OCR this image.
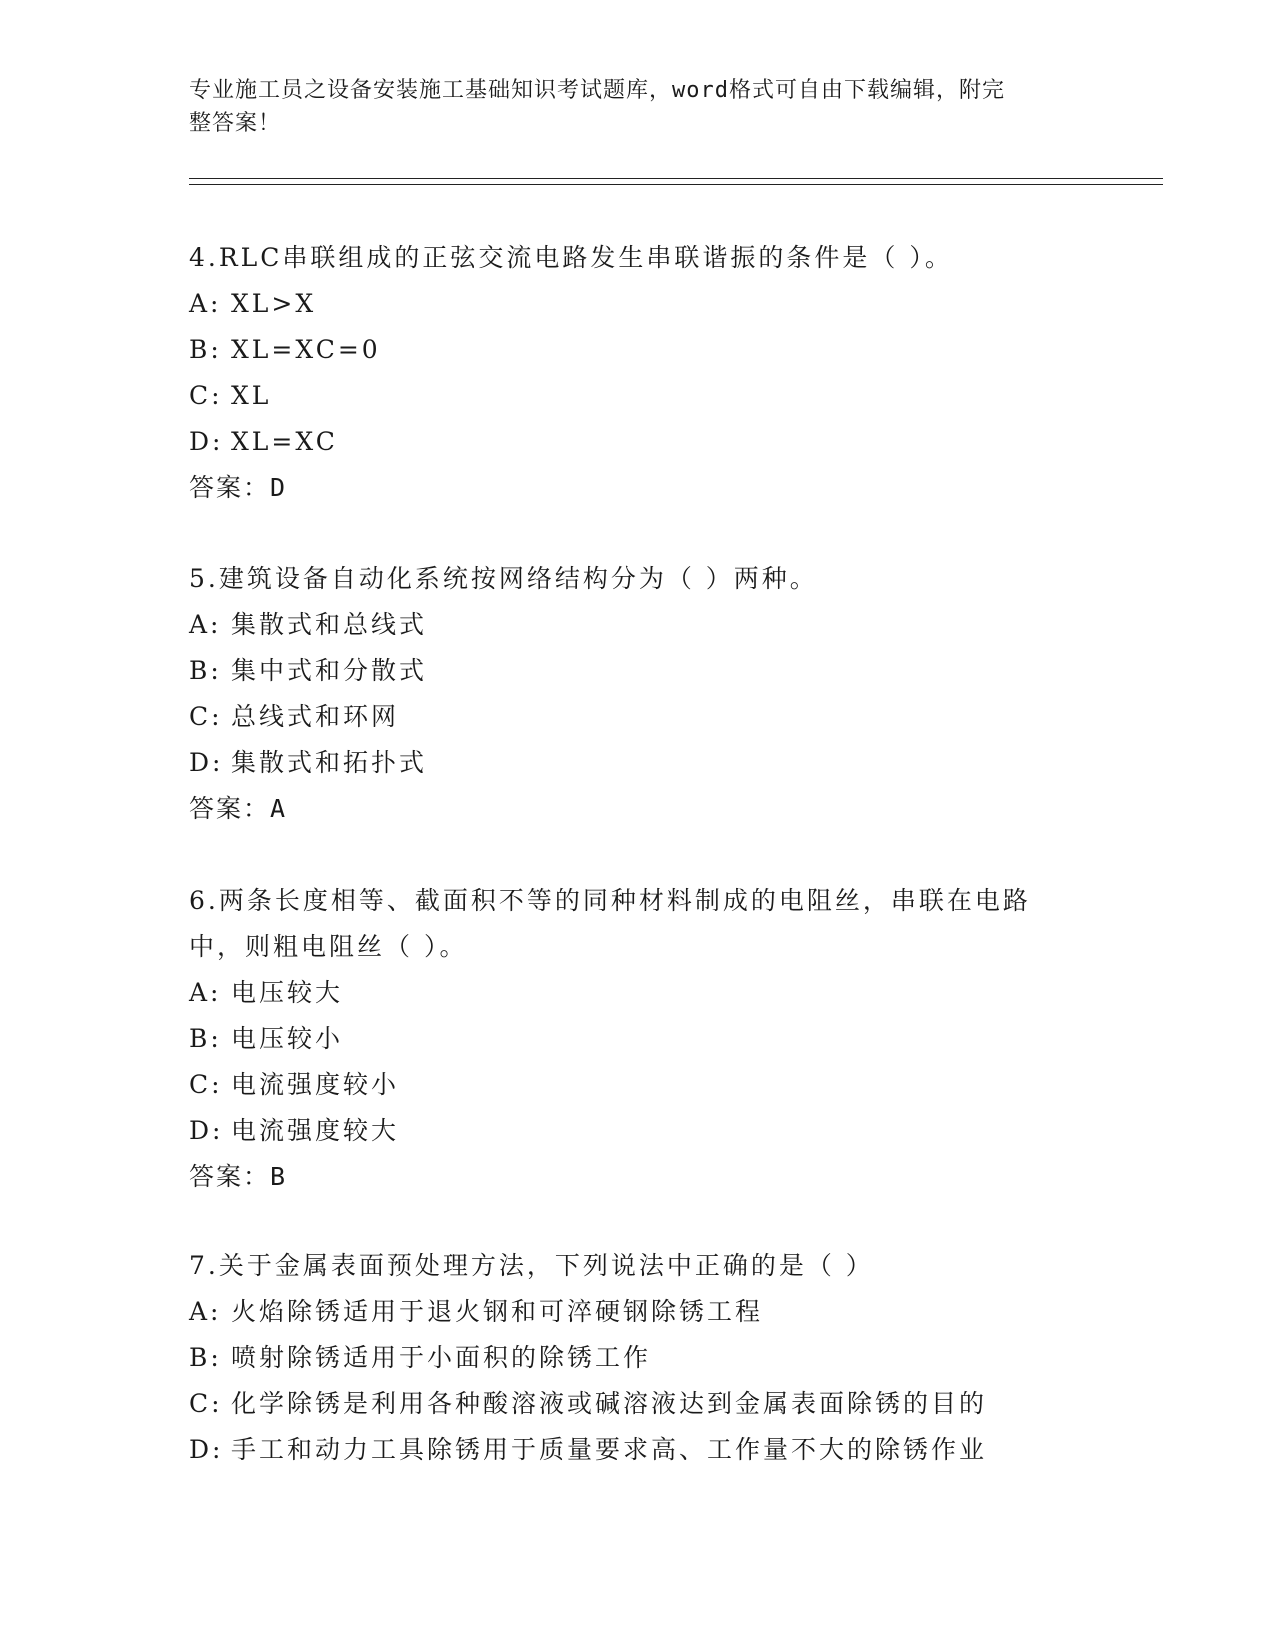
专业施工员之设备安装施工基础知识考试题库，word格式可自由下载编辑，附完
整答案！

4.RLC串联组成的正弦交流电路发生串联谐振的条件是（ ）。

A: XL>X

B: XL=XC=0

C: XL

D: XL=XC

答案：D

5.建筑设备自动化系统按网络结构分为（ ）两种。

A: 集散式和总线式

B: 集中式和分散式

C: 总线式和环网

D: 集散式和拓扑式

答案：A

6.两条长度相等、截面积不等的同种材料制成的电阻丝，串联在电路

中，则粗电阻丝（ ）。

A: 电压较大

B: 电压较小

C: 电流强度较小

D: 电流强度较大

答案：B

7.关于金属表面预处理方法，下列说法中正确的是（ ）

A: 火焰除锈适用于退火钢和可淬硬钢除锈工程

B: 喷射除锈适用于小面积的除锈工作

C: 化学除锈是利用各种酸溶液或碱溶液达到金属表面除锈的目的

D: 手工和动力工具除锈用于质量要求高、工作量不大的除锈作业
